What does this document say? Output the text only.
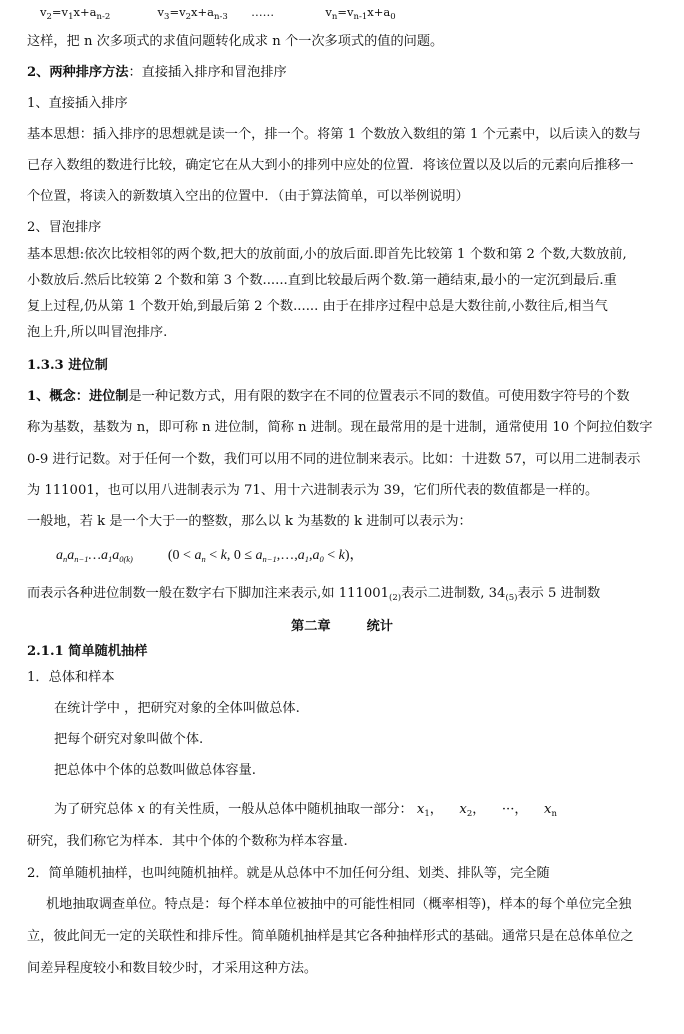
$v_2=v_1x+a_{n-2}$	$v_3=v_2x+a_{n-3}$ ……	$v_n=v_{n-1}x+a_0$
这样，把 n 次多项式的求值问题转化成求 n 个一次多项式的值的问题。
2、两种排序方法：直接插入排序和冒泡排序
1、直接插入排序
基本思想：插入排序的思想就是读一个，排一个。将第 1 个数放入数组的第 1 个元素中，以后读入的数与
已存入数组的数进行比较，确定它在从大到小的排列中应处的位置．将该位置以及以后的元素向后推移一
个位置，将读入的新数填入空出的位置中．（由于算法简单，可以举例说明）
2、冒泡排序
基本思想:依次比较相邻的两个数,把大的放前面,小的放后面.即首先比较第 1 个数和第 2 个数,大数放前,
小数放后.然后比较第 2 个数和第 3 个数......直到比较最后两个数.第一趟结束,最小的一定沉到最后.重
复上过程,仍从第 1 个数开始,到最后第 2 个数...... 由于在排序过程中总是大数往前,小数往后,相当气
泡上升,所以叫冒泡排序.
1.3.3 进位制
1、概念：进位制是一种记数方式，用有限的数字在不同的位置表示不同的数值。可使用数字符号的个数
称为基数，基数为 n，即可称 n 进位制，简称 n 进制。现在最常用的是十进制，通常使用 10 个阿拉伯数字
0-9 进行记数。对于任何一个数，我们可以用不同的进位制来表示。比如：十进数 57，可以用二进制表示
为 111001，也可以用八进制表示为 71、用十六进制表示为 39，它们所代表的数值都是一样的。
一般地，若 k 是一个大于一的整数，那么以 k 为基数的 k 进制可以表示为：
$a_na_{n-1}\dots a_1a_{0(k)}$	($0 < a_n < k$, $0 \le a_{n-1},\dots,a_1,a_0 < k$)，
而表示各种进位制数一般在数字右下脚加注来表示,如 $111001_{(2)}$表示二进制数, $34_{(5)}$表示 5 进制数
第二章	统计
2.1.1 简单随机抽样
1．总体和样本
在统计学中 ，把研究对象的全体叫做总体.
把每个研究对象叫做个体.
把总体中个体的总数叫做总体容量.
为了研究总体 x 的有关性质，一般从总体中随机抽取一部分： $x_1$，  $x_2$，  ···，  $x_n$
研究，我们称它为样本．其中个体的个数称为样本容量.
2．简单随机抽样，也叫纯随机抽样。就是从总体中不加任何分组、划类、排队等，完全随
机地抽取调查单位。特点是：每个样本单位被抽中的可能性相同（概率相等)，样本的每个单位完全独
立，彼此间无一定的关联性和排斥性。简单随机抽样是其它各种抽样形式的基础。通常只是在总体单位之
间差异程度较小和数目较少时，才采用这种方法。
